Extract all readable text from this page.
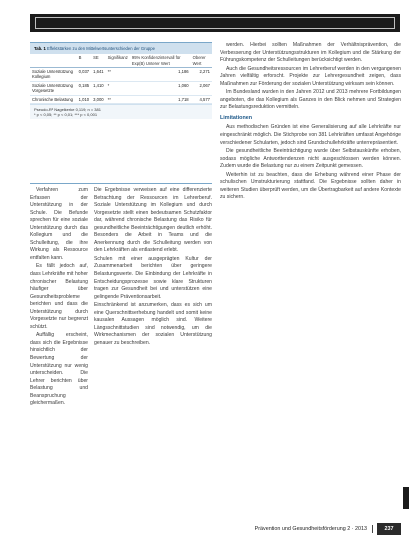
Tab. 1 Effektstärken zu den Mittelwertsunterschieden der Gruppe
	B	SE	Signifikanz	95% Konfidenzintervall für Exp(B) Unterer Wert	Oberer Wert
Soziale Unterstützung Kollegium	0,037	1,641	**	1,186	2,271
Soziale Unterstützung Vorgesetzte	0,185	1,410	*	1,060	2,067
Chronische Belastung	1,010	3,000	**	1,718	4,577
Pseudo-R² Nagelkerke 0,119; n = 381
* p < 0,05; ** p < 0,01; *** p < 0,001

Verfahren zum Erfassen der Unterstützung in der Schule. Die Befunde sprechen für eine soziale Unterstützung durch das Kollegium und die Schulleitung, die ihre Wirkung als Ressource entfalten kann.

Es fällt jedoch auf, dass Lehrkräfte mit hoher chronischer Belastung häufiger über Gesundheitsprobleme berichten und dass die Unterstützung durch Vorgesetzte nur begrenzt schützt.

Auffällig erscheint, dass sich die Ergebnisse hinsichtlich der Bewertung der Unterstützung nur wenig unterscheiden. Die Lehrer berichten über Belastung und Beanspruchung gleichermaßen.

Die Ergebnisse verweisen auf eine differenzierte Betrachtung der Ressourcen im Lehrerberuf. Soziale Unterstützung im Kollegium und durch Vorgesetzte stellt einen bedeutsamen Schutzfaktor dar, während chronische Belastung das Risiko für gesundheitliche Beeinträchtigungen deutlich erhöht. Besonders die Arbeit in Teams und die Anerkennung durch die Schulleitung werden von den Lehrkräften als entlastend erlebt.

Schulen mit einer ausgeprägten Kultur der Zusammenarbeit berichten über geringere Belastungswerte. Die Einbindung der Lehrkräfte in Entscheidungsprozesse sowie klare Strukturen tragen zur Gesundheit bei und unterstützen eine gelingende Präventionsarbeit.

Einschränkend ist anzumerken, dass es sich um eine Querschnittserhebung handelt und somit keine kausalen Aussagen möglich sind. Weitere Längsschnittstudien sind notwendig, um die Wirkmechanismen der sozialen Unterstützung genauer zu beschreiben.

werden. Hierbei sollten Maßnahmen der Verhältnisprävention, die Verbesserung der Unterstützungsstrukturen im Kollegium und die Stärkung der Führungskompetenz der Schulleitungen berücksichtigt werden.

Auch die Gesundheitsressourcen im Lehrerberuf werden in den vergangenen Jahren vielfältig erforscht. Projekte zur Lehrergesundheit zeigen, dass Maßnahmen zur Förderung der sozialen Unterstützung wirksam sein können.

Im Bundesland wurden in den Jahren 2012 und 2013 mehrere Fortbildungen angeboten, die das Kollegium als Ganzes in den Blick nehmen und Strategien zur Belastungsreduktion vermitteln.

Limitationen

Aus methodischen Gründen ist eine Generalisierung auf alle Lehrkräfte nur eingeschränkt möglich. Die Stichprobe von 381 Lehrkräften umfasst Angehörige verschiedener Schularten, jedoch sind Grundschullehrkräfte unterrepräsentiert.

Die gesundheitliche Beeinträchtigung wurde über Selbstauskünfte erhoben, sodass mögliche Antworttendenzen nicht ausgeschlossen werden können. Zudem wurde die Belastung nur zu einem Zeitpunkt gemessen.

Weiterhin ist zu beachten, dass die Erhebung während einer Phase der schulischen Umstrukturierung stattfand. Die Ergebnisse sollten daher in weiteren Studien überprüft werden, um die Übertragbarkeit auf andere Kontexte zu sichern.

Prävention und Gesundheitsförderung 2 · 2013	237
